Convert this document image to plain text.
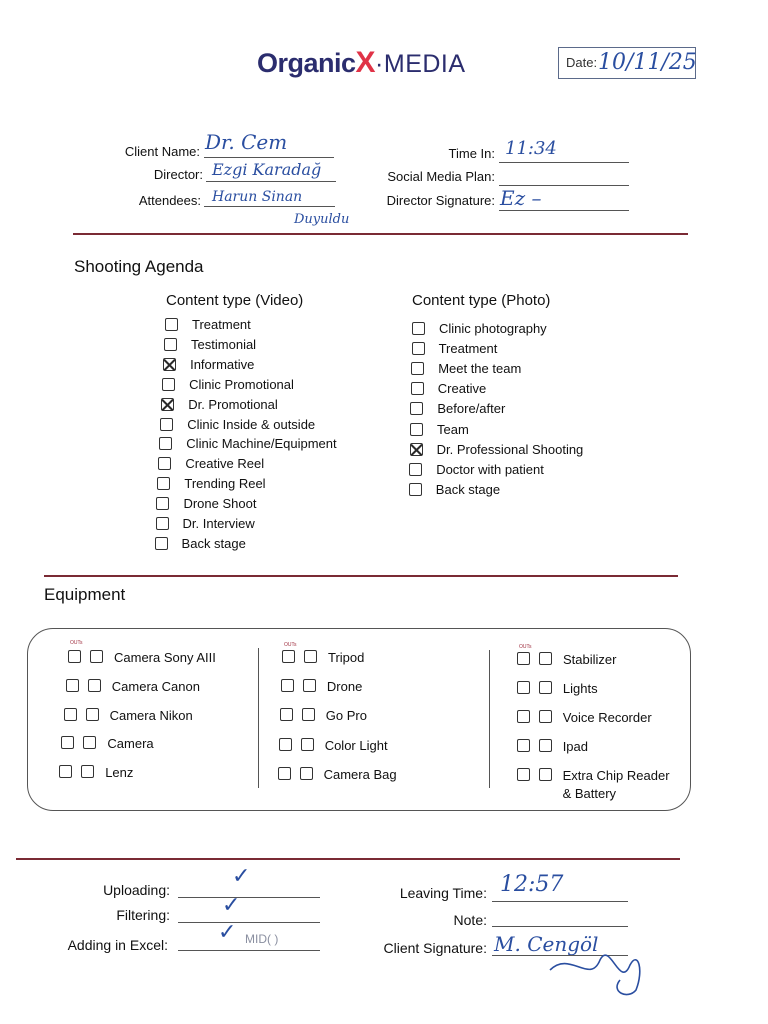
OrganicX·MEDIA	Date: 10/11/25
Client Name: Dr. Cem
Director: Ezgi Karadağ
Attendees: Harun Sinan
Duyuldu
Time In: 11:34
Social Media Plan:
Director Signature: Ez –
Shooting Agenda
Content type (Video)	Content type (Photo)
Treatment
Testimonial
Informative
Clinic Promotional
Dr. Promotional
Clinic Inside & outside
Clinic Machine/Equipment
Creative Reel
Trending Reel
Drone Shoot
Dr. Interview
Back stage
Clinic photography
Treatment
Meet the team
Creative
Before/after
Team
Dr. Professional Shooting
Doctor with patient
Back stage
Equipment
OUTs	OUTs	OUTs
Camera Sony AIII
Camera Canon
Camera Nikon
Camera
Lenz
Tripod
Drone
Go Pro
Color Light
Camera Bag
Stabilizer
Lights
Voice Recorder
Ipad
Extra Chip Reader
& Battery
Uploading:
✓
Filtering: ✓
Adding in Excel: ✓ MID( )
Leaving Time: 12:57
Note:
Client Signature: M. Cengöl
